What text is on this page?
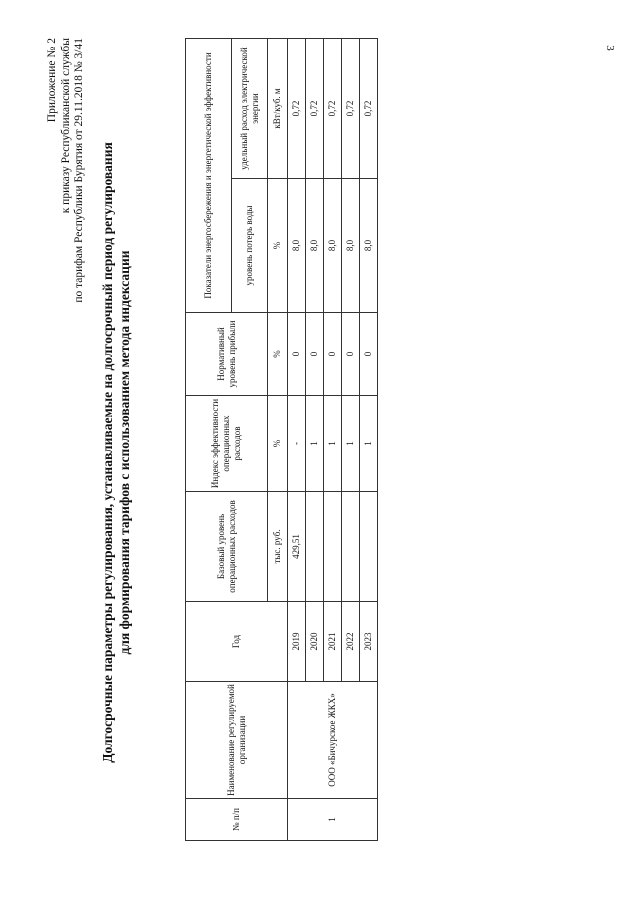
3
Приложение № 2 к приказу Республиканской службы по тарифам Республики Бурятия от 29.11.2018 № 3/41 Долгосрочные параметры регулирования, устанавливаемые на долгосрочный период регулирования для формирования тарифов с использованием метода индексации
№ п/п	Наименование регулируемой организации	Год	Базовый уровень операционных расходов	Индекс эффективности операционных расходов	Нормативный уровень прибыли	Показатели энергосбережения и энергетической эффективности	
						уровень потерь воды	удельный расход электрической энергии
			тыс. руб.	%	%	%	кВт/куб. м
1	ООО «Бичурское ЖКХ»	2019	429,51	-	0	8,0	0,72
		2020		1	0	8,0	0,72
		2021		1	0	8,0	0,72
		2022		1	0	8,0	0,72
		2023		1	0	8,0	0,72
